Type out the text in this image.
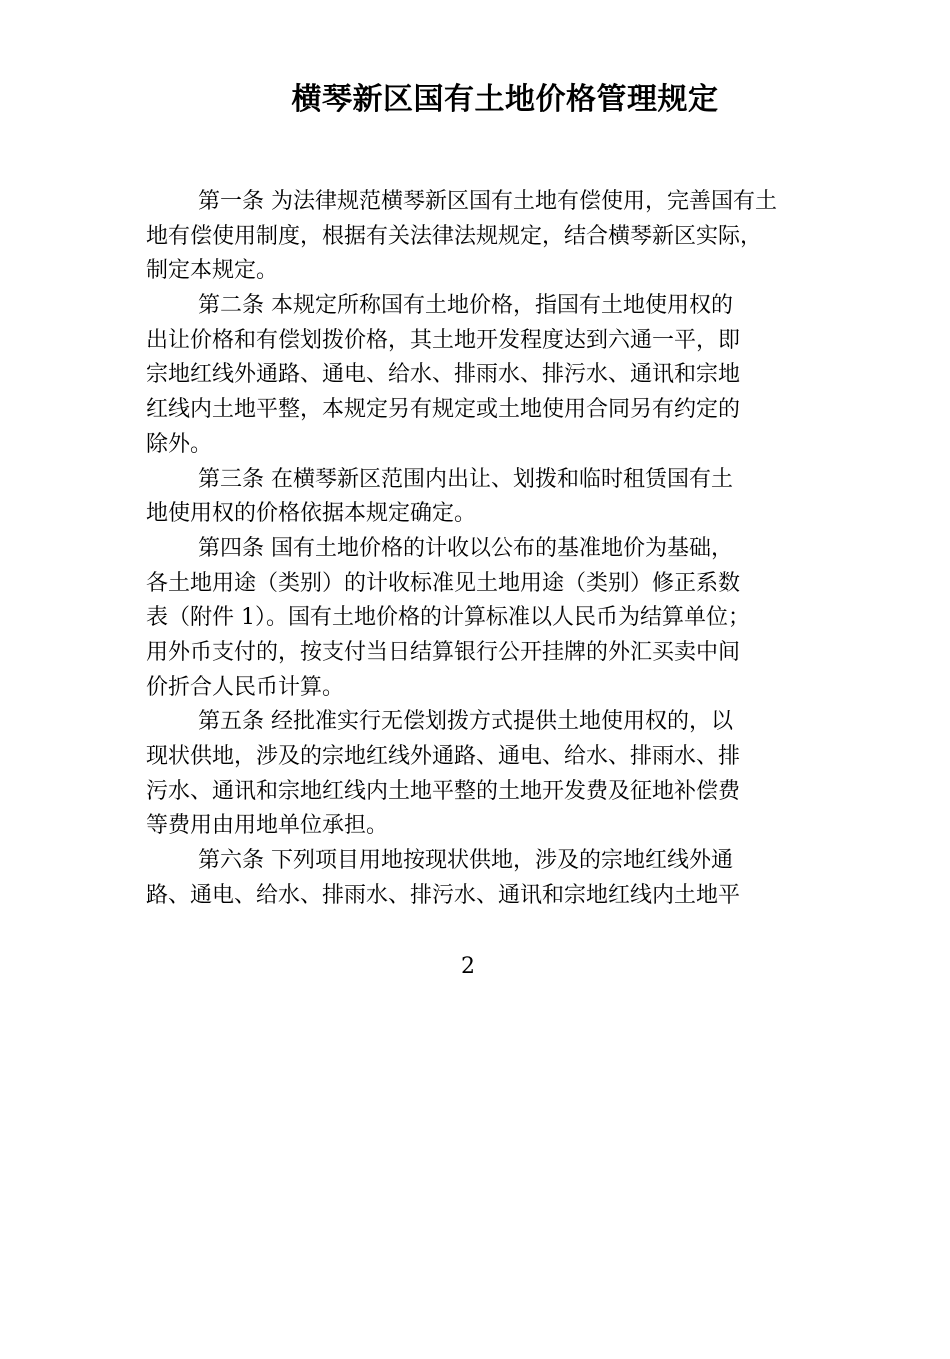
横琴新区国有土地价格管理规定
第一条 为法律规范横琴新区国有土地有偿使用，完善国有土
地有偿使用制度，根据有关法律法规规定，结合横琴新区实际，
制定本规定。
第二条 本规定所称国有土地价格，指国有土地使用权的
出让价格和有偿划拨价格，其土地开发程度达到六通一平，即
宗地红线外通路、通电、给水、排雨水、排污水、通讯和宗地
红线内土地平整，本规定另有规定或土地使用合同另有约定的
除外。
第三条 在横琴新区范围内出让、划拨和临时租赁国有土
地使用权的价格依据本规定确定。
第四条 国有土地价格的计收以公布的基准地价为基础，
各土地用途（类别）的计收标准见土地用途（类别）修正系数
表（附件 1）。国有土地价格的计算标准以人民币为结算单位；
用外币支付的，按支付当日结算银行公开挂牌的外汇买卖中间
价折合人民币计算。
第五条 经批准实行无偿划拨方式提供土地使用权的，以
现状供地，涉及的宗地红线外通路、通电、给水、排雨水、排
污水、通讯和宗地红线内土地平整的土地开发费及征地补偿费
等费用由用地单位承担。
第六条 下列项目用地按现状供地，涉及的宗地红线外通
路、通电、给水、排雨水、排污水、通讯和宗地红线内土地平
2
